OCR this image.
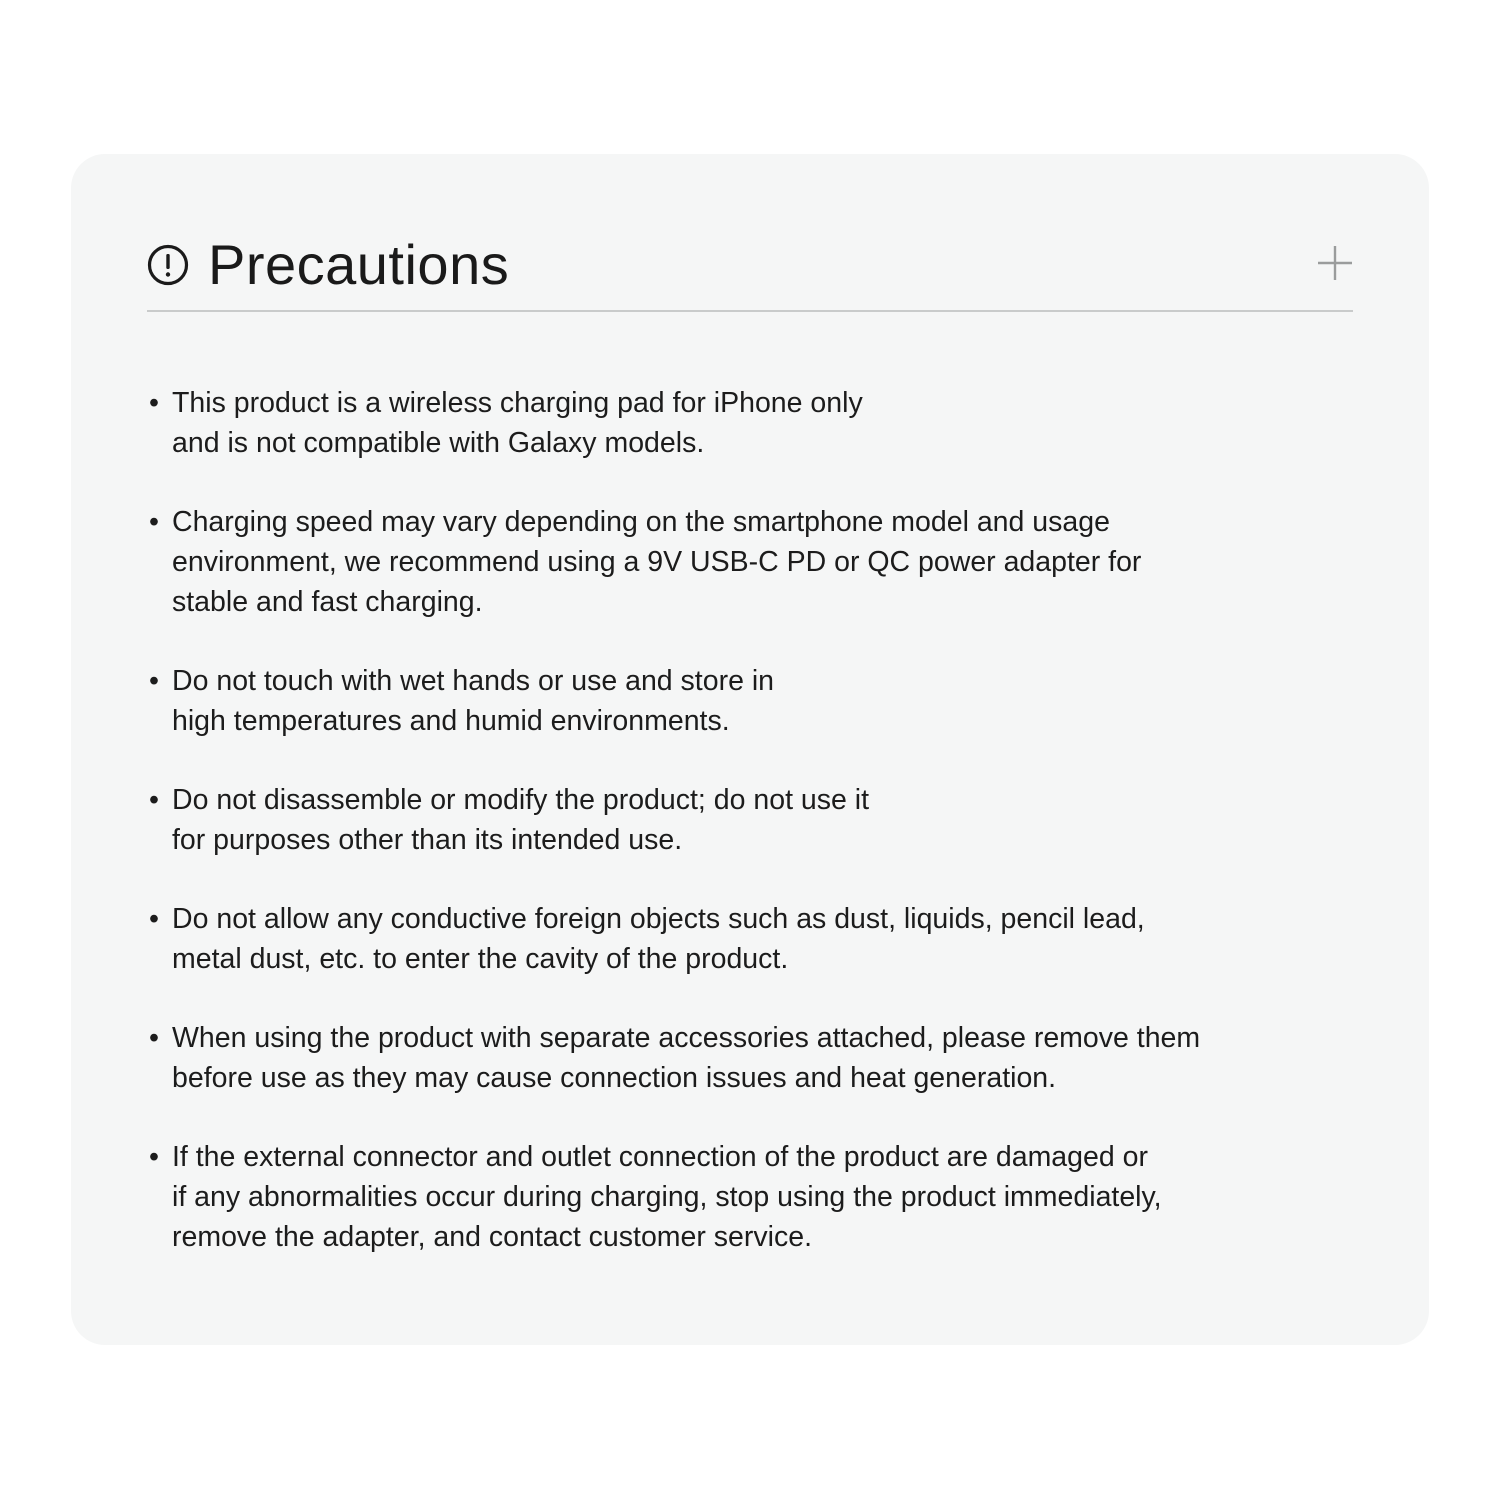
Precautions
• This product is a wireless charging pad for iPhone only
and is not compatible with Galaxy models.
• Charging speed may vary depending on the smartphone model and usage
environment, we recommend using a 9V USB-C PD or QC power adapter for
stable and fast charging.
• Do not touch with wet hands or use and store in
high temperatures and humid environments.
• Do not disassemble or modify the product; do not use it
for purposes other than its intended use.
• Do not allow any conductive foreign objects such as dust, liquids, pencil lead,
metal dust, etc. to enter the cavity of the product.
• When using the product with separate accessories attached, please remove them
before use as they may cause connection issues and heat generation.
• If the external connector and outlet connection of the product are damaged or
if any abnormalities occur during charging, stop using the product immediately,
remove the adapter, and contact customer service.
